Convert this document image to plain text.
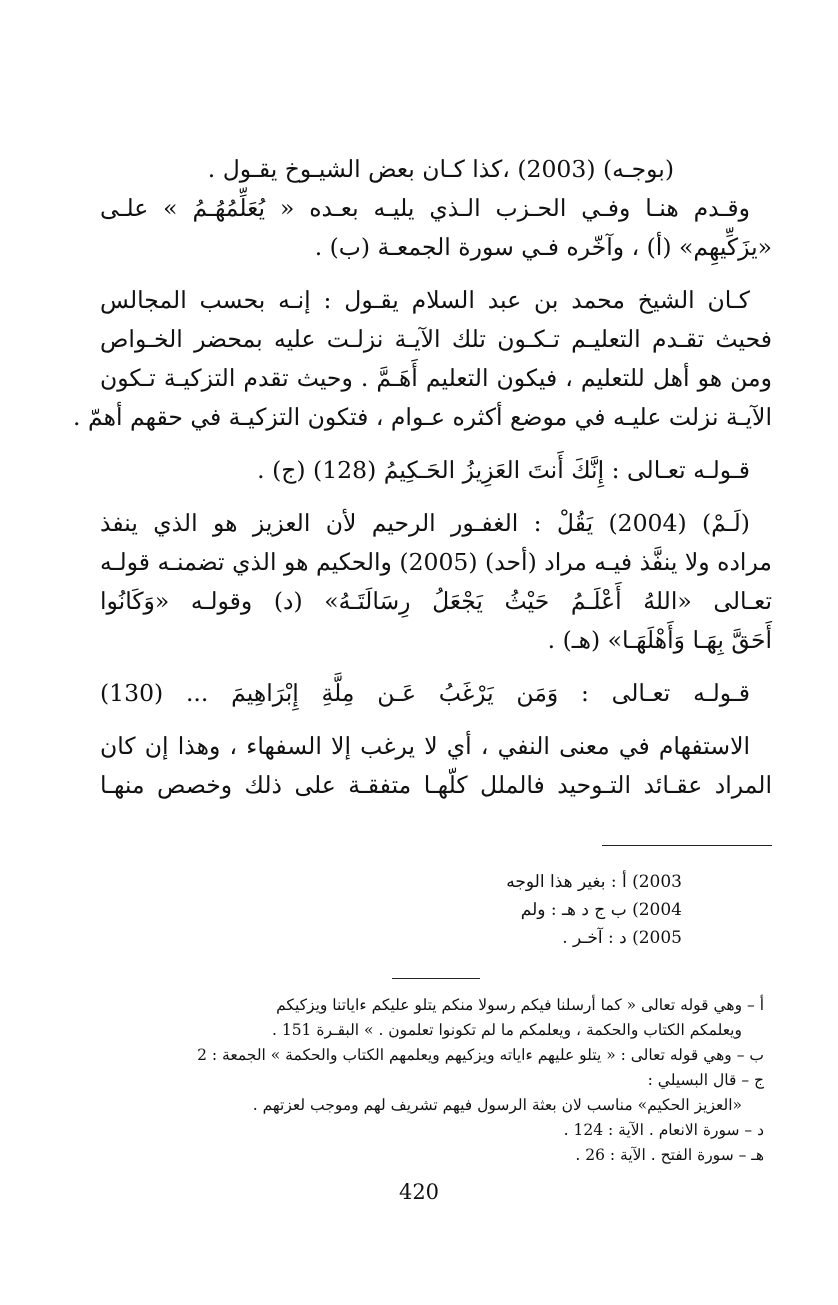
(بوجـه) (2003) ،كذا كـان بعض الشيـوخ يقـول .
وقـدم هنـا وفـي الحـزب الـذي يليـه بعـده « يُعَلِّمُهُـمُ » علـى
«يزَكِّيهِم» (أ) ، وآخّره فـي سورة الجمعـة (ب) .
كـان الشيخ محمد بن عبد السلام يقـول : إنـه بحسب المجالس
فحيث تقـدم التعليـم تـكـون تلك الآيـة نزلـت عليه بمحضر الخـواص
ومن هو أهل للتعليم ، فيكون التعليم أَهَـمَّ . وحيث تقدم التزكيـة تـكون
الآيـة نزلت عليـه في موضع أكثره عـوام ، فتكون التزكيـة في حقهم أهمّ .
قـولـه تعـالى : إِنَّكَ أَنتَ العَزِيزُ الحَـكِيمُ (128) (ج) .
(لَـمْ) (2004) يَقُلْ : الغفـور الرحيم لأن العزيز هو الذي ينفذ
مراده ولا ينفَّذ فيـه مراد (أحد) (2005) والحكيم هو الذي تضمنـه قولـه
تعـالى «اللهُ أَعْلَـمُ حَيْثُ يَجْعَلُ رِسَالَتَـهُ» (د) وقولـه «وَكَانُوا
أَحَقَّ بِهَـا وَأَهْلَهَـا» (هـ) .
قـولـه تعـالى : وَمَن يَرْغَبُ عَـن مِلَّةِ إِبْرَاهِيمَ ... (130)
الاستفهام في معنى النفي ، أي لا يرغب إلا السفهاء ، وهذا إن كان
المراد عقـائد التـوحيد فالملل كلّهـا متفقـة على ذلك وخصص منهـا
2003) أ : بغير هذا الوجه
2004) ب ج د هـ : ولم
2005) د : آخـر .
أ – وهي قوله تعالى « كما أرسلنا فيكم رسولا منكم يتلو عليكم ءاياتنا ويزكيكم
ويعلمكم الكتاب والحكمة ، ويعلمكم ما لم تكونوا تعلمون . » البقـرة 151 .
ب – وهي قوله تعالى : « يتلو عليهم ءاياته ويزكيهم ويعلمهم الكتاب والحكمة » الجمعة : 2
ج – قال البسيلي :
«العزيز الحكيم» مناسب لان بعثة الرسول فيهم تشريف لهم وموجب لعزتهم .
د – سورة الانعام . الآية : 124 .
هـ – سورة الفتح . الآية : 26 .
420
